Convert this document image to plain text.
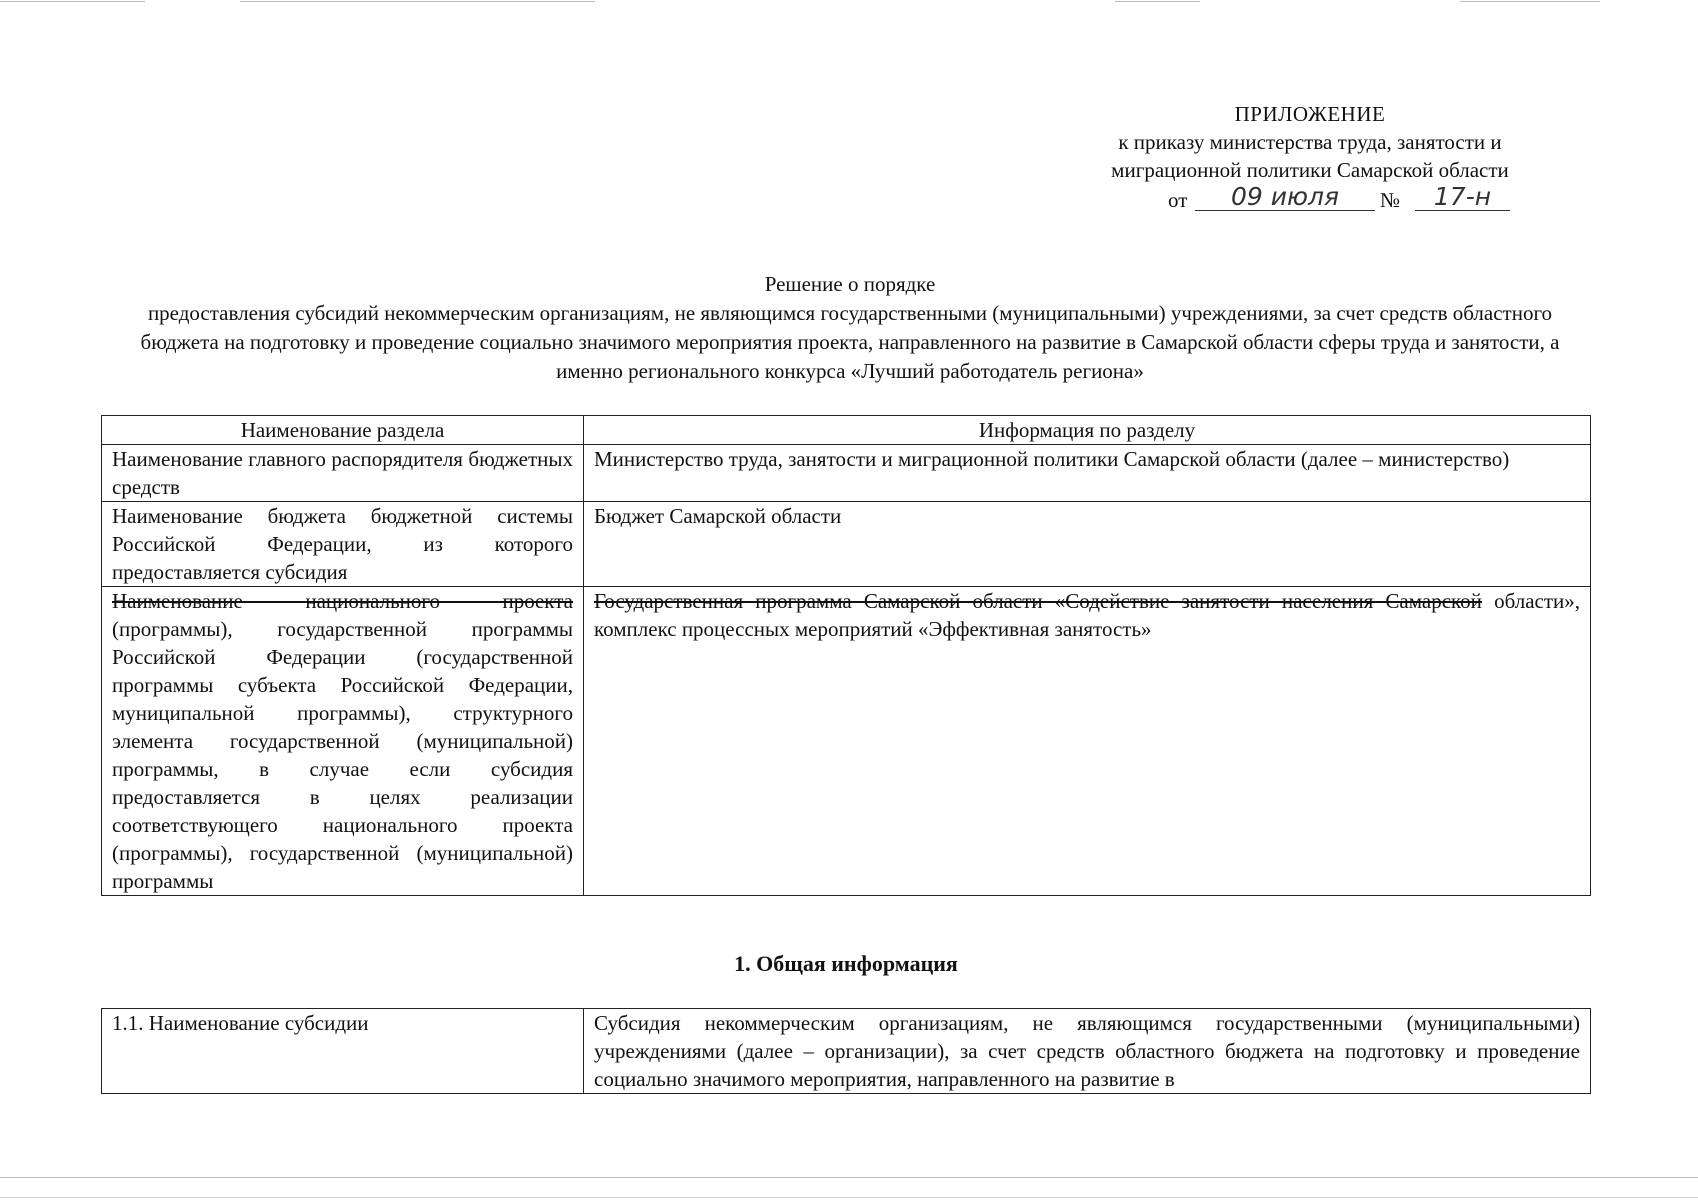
ПРИЛОЖЕНИЕ
к приказу министерства труда, занятости и
миграционной политики Самарской области
от	09 июля	№	17-н
Решение о порядке
предоставления субсидий некоммерческим организациям, не являющимся государственными (муниципальными) учреждениями, за счет средств областного бюджета на подготовку и проведение социально значимого мероприятия проекта, направленного на развитие в Самарской области сферы труда и занятости, а именно регионального конкурса «Лучший работодатель региона»
Наименование раздела	Информация по разделу
Наименование главного распорядителя бюджетных средств	Министерство труда, занятости и миграционной политики Самарской области (далее – министерство)
Наименование бюджета бюджетной системы Российской Федерации, из которого предоставляется субсидия	Бюджет Самарской области
Наименование национального проекта (программы), государственной программы Российской Федерации (государственной программы субъекта Российской Федерации, муниципальной программы), структурного элемента государственной (муниципальной) программы, в случае если субсидия предоставляется в целях реализации соответствующего национального проекта (программы), государственной (муниципальной) программы	Государственная программа Самарской области «Содействие занятости населения Самарской области», комплекс процессных мероприятий «Эффективная занятость»
1. Общая информация
1.1. Наименование субсидии	Субсидия некоммерческим организациям, не являющимся государственными (муниципальными) учреждениями (далее – организации), за счет средств областного бюджета на подготовку и проведение социально значимого мероприятия, направленного на развитие в
